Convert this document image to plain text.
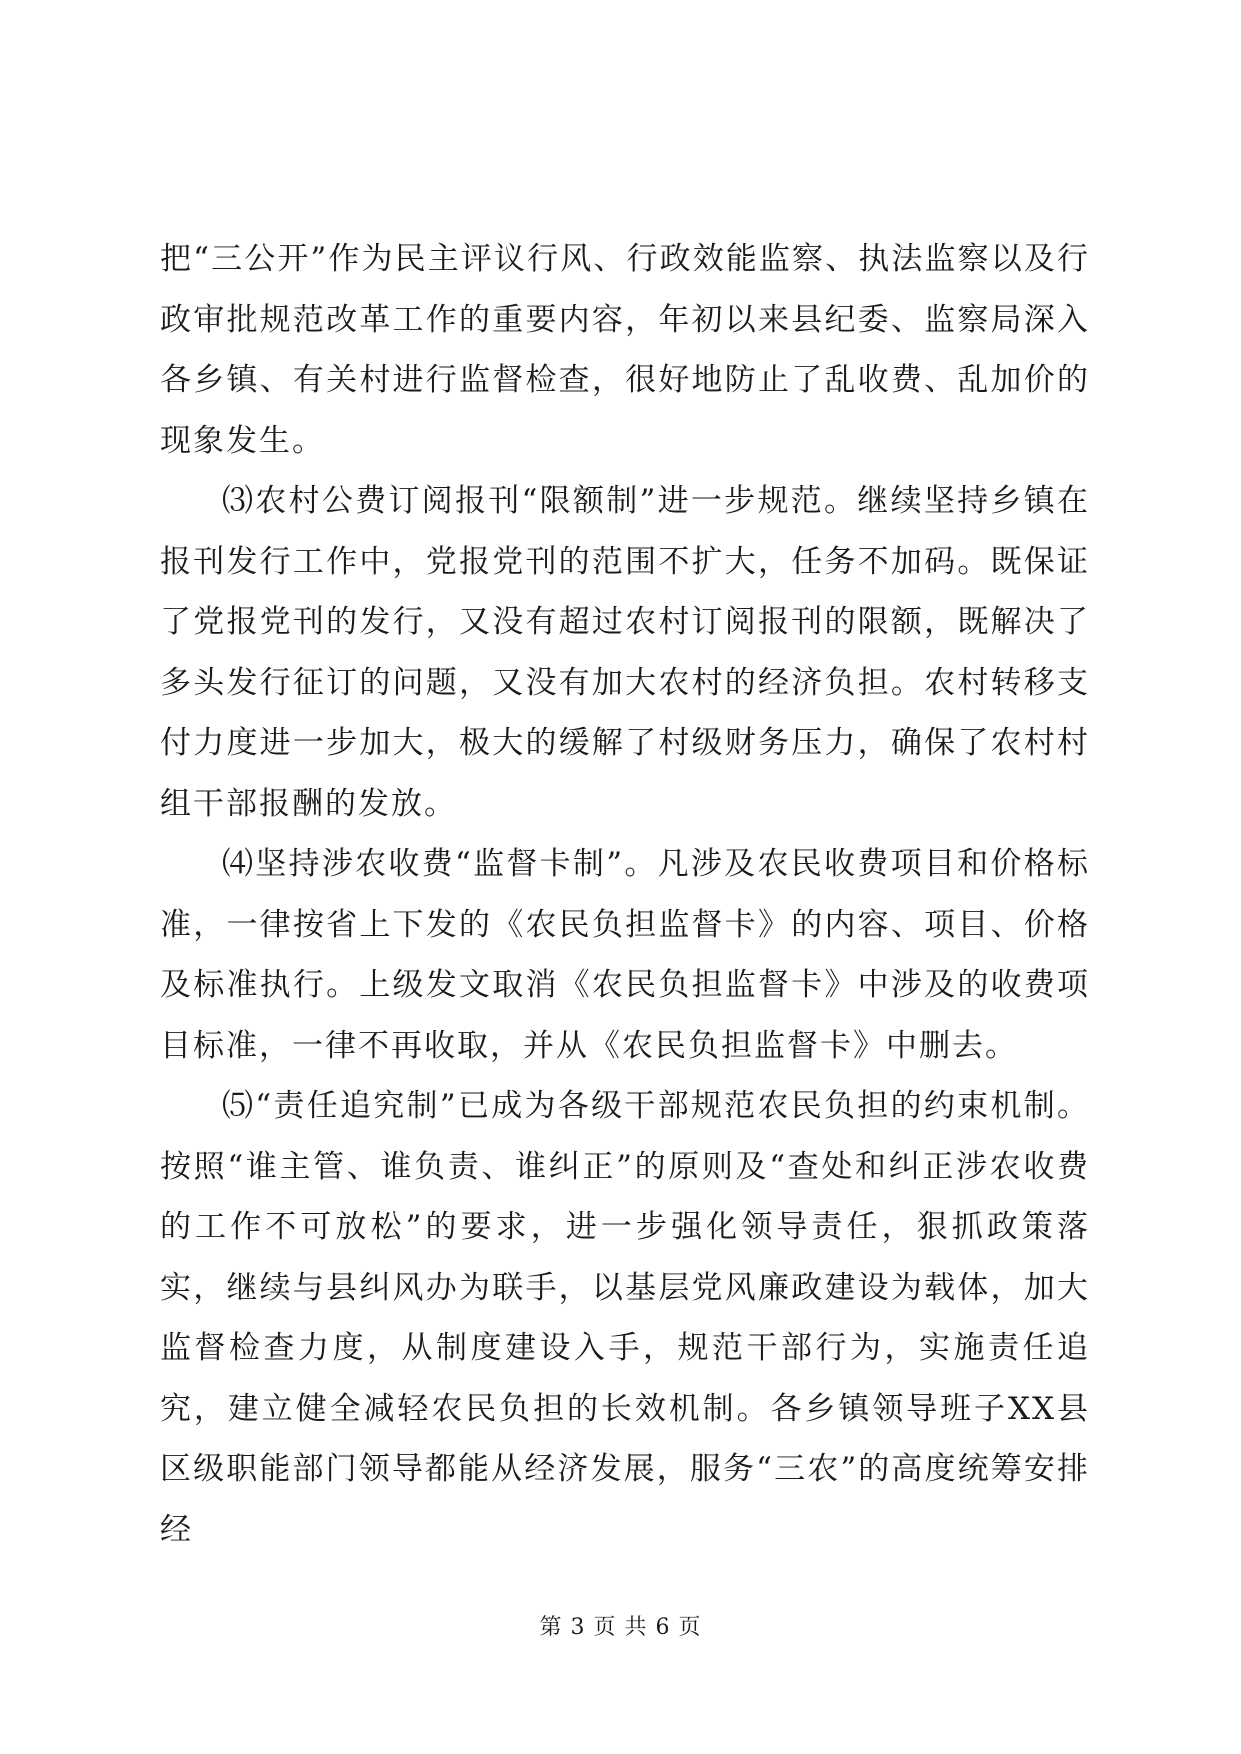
把“三公开”作为民主评议行风、行政效能监察、执法监察以及行政审批规范改革工作的重要内容，年初以来县纪委、监察局深入各乡镇、有关村进行监督检查，很好地防止了乱收费、乱加价的现象发生。

⑶农村公费订阅报刊“限额制”进一步规范。继续坚持乡镇在报刊发行工作中，党报党刊的范围不扩大，任务不加码。既保证了党报党刊的发行，又没有超过农村订阅报刊的限额，既解决了多头发行征订的问题，又没有加大农村的经济负担。农村转移支付力度进一步加大，极大的缓解了村级财务压力，确保了农村村组干部报酬的发放。

⑷坚持涉农收费“监督卡制”。凡涉及农民收费项目和价格标准，一律按省上下发的《农民负担监督卡》的内容、项目、价格及标准执行。上级发文取消《农民负担监督卡》中涉及的收费项目标准，一律不再收取，并从《农民负担监督卡》中删去。

⑸“责任追究制”已成为各级干部规范农民负担的约束机制。按照“谁主管、谁负责、谁纠正”的原则及“查处和纠正涉农收费的工作不可放松”的要求，进一步强化领导责任，狠抓政策落实，继续与县纠风办为联手，以基层党风廉政建设为载体，加大监督检查力度，从制度建设入手，规范干部行为，实施责任追究，建立健全减轻农民负担的长效机制。各乡镇领导班子XX县区级职能部门领导都能从经济发展，服务“三农”的高度统筹安排经

第 3 页 共 6 页
